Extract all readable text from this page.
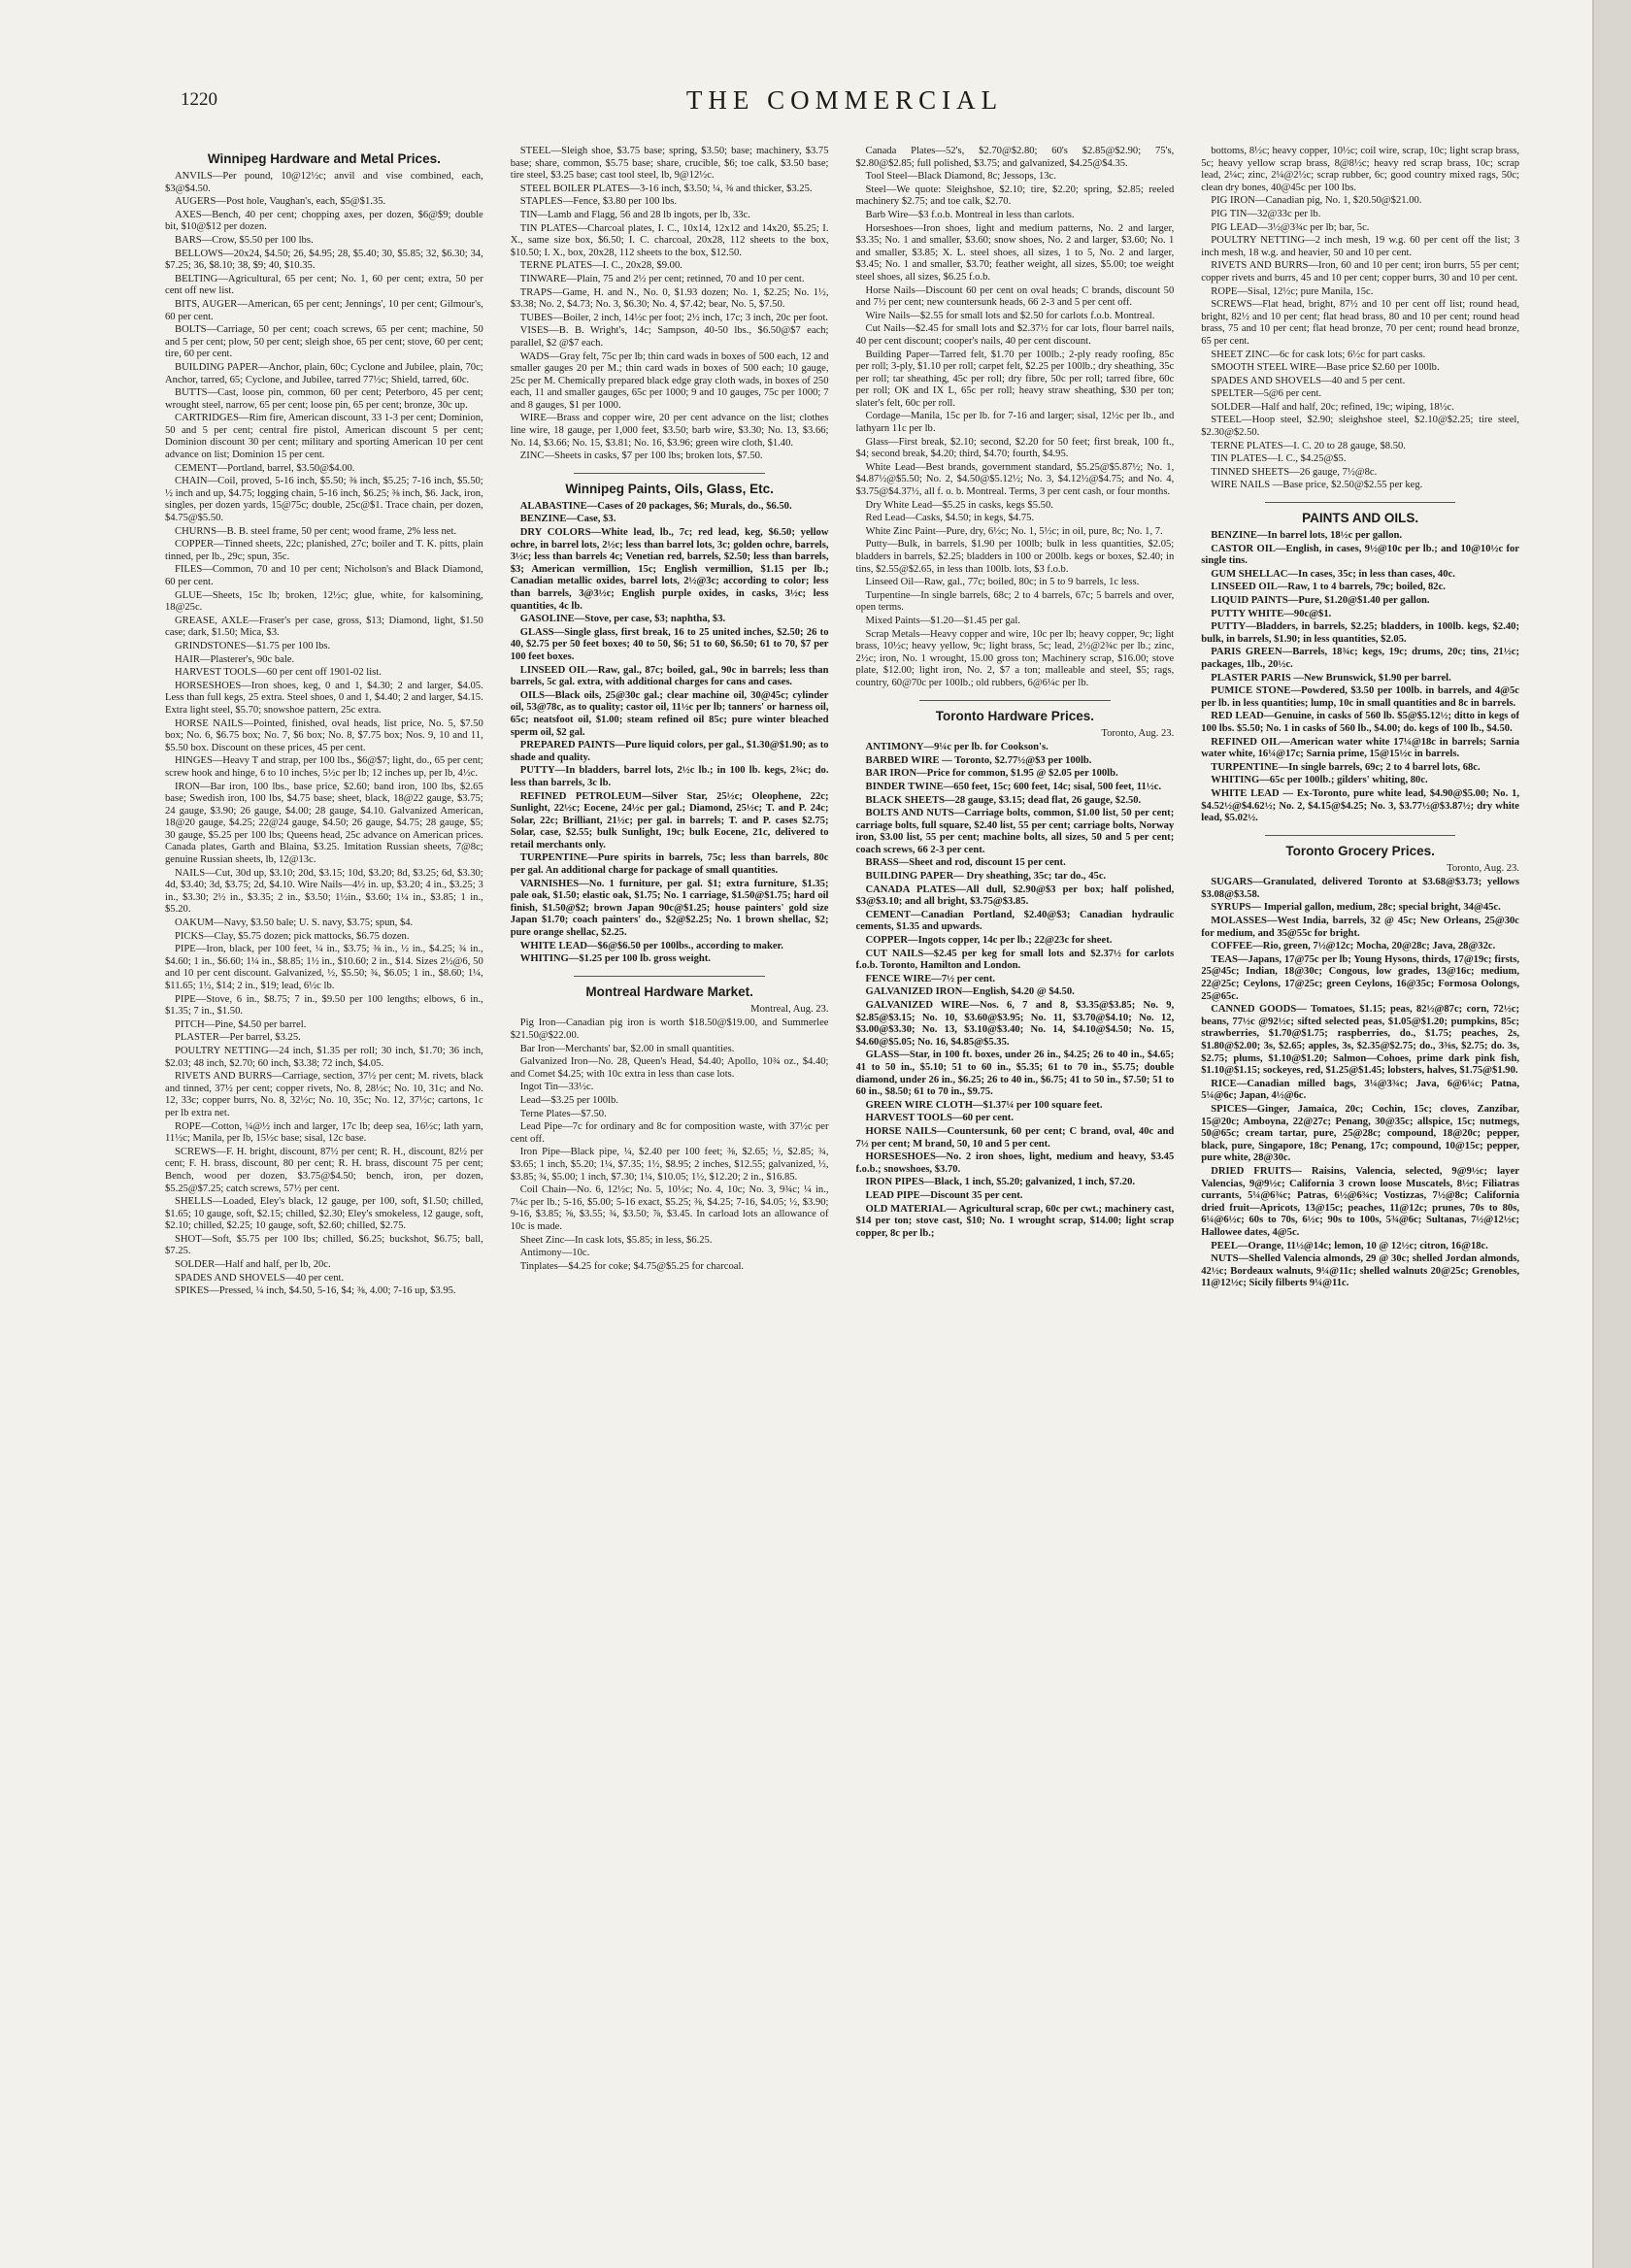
1220	THE COMMERCIAL
Winnipeg Hardware and Metal Prices.
ANVILS—Per pound, 10@12½c; anvil and vise combined, each, $3@$4.50.
AUGERS—Post hole, Vaughan's, each, $5@$1.35.
AXES—Bench, 40 per cent; chopping axes, per dozen, $6@$9; double bit, $10@$12 per dozen.
BARS—Crow, $5.50 per 100 lbs.
BELLOWS—20x24, $4.50; 26, $4.95; 28, $5.40; 30, $5.85; 32, $6.30; 34, $7.25; 36, $8.10; 38, $9; 40, $10.35.
BELTING—Agricultural, 65 per cent; No. 1, 60 per cent; extra, 50 per cent off new list.
BITS, AUGER—American, 65 per cent; Jennings', 10 per cent; Gilmour's, 60 per cent.
BOLTS—Carriage, 50 per cent; coach screws, 65 per cent; machine, 50 and 5 per cent; plow, 50 per cent; sleigh shoe, 65 per cent; stove, 60 per cent; tire, 60 per cent.
BUILDING PAPER—Anchor, plain, 60c; Cyclone and Jubilee, plain, 70c; Anchor, tarred, 65; Cyclone, and Jubilee, tarred 77½c; Shield, tarred, 60c.
BUTTS—Cast, loose pin, common, 60 per cent; Peterboro, 45 per cent; wrought steel, narrow, 65 per cent; loose pin, 65 per cent; bronze, 30c up.
CARTRIDGES—Rim fire, American discount, 33 1-3 per cent; Dominion, 50 and 5 per cent; central fire pistol, American discount 5 per cent; Dominion discount 30 per cent; military and sporting American 10 per cent advance on list; Dominion 15 per cent.
CEMENT—Portland, barrel, $3.50@$4.00.
CHAIN—Coil, proved, 5-16 inch, $5.50; ⅜ inch, $5.25; 7-16 inch, $5.50; ½ inch and up, $4.75; logging chain, 5-16 inch, $6.25; ⅜ inch, $6. Jack, iron, singles, per dozen yards, 15@75c; double, 25c@$1. Trace chain, per dozen, $4.75@$5.50.
CHURNS—B. B. steel frame, 50 per cent; wood frame, 2% less net.
COPPER—Tinned sheets, 22c; planished, 27c; boiler and T. K. pitts, plain tinned, per lb., 29c; spun, 35c.
FILES—Common, 70 and 10 per cent; Nicholson's and Black Diamond, 60 per cent.
GLUE—Sheets, 15c lb; broken, 12½c; glue, white, for kalsomining, 18@25c.
GREASE, AXLE—Fraser's per case, gross, $13; Diamond, light, $1.50 case; dark, $1.50; Mica, $3.
GRINDSTONES—$1.75 per 100 lbs.
HAIR—Plasterer's, 90c bale.
HARVEST TOOLS—60 per cent off 1901-02 list.
HORSESHOES—Iron shoes, keg, 0 and 1, $4.30; 2 and larger, $4.05. Less than full kegs, 25 extra. Steel shoes, 0 and 1, $4.40; 2 and larger, $4.15. Extra light steel, $5.70; snowshoe pattern, 25c extra.
HORSE NAILS—Pointed, finished, oval heads, list price, No. 5, $7.50 box; No. 6, $6.75 box; No. 7, $6 box; No. 8, $7.75 box; Nos. 9, 10 and 11, $5.50 box. Discount on these prices, 45 per cent.
HINGES—Heavy T and strap, per 100 lbs., $6@$7; light, do., 65 per cent; screw hook and hinge, 6 to 10 inches, 5½c per lb; 12 inches up, per lb, 4½c.
IRON—Bar iron, 100 lbs., base price, $2.60; band iron, 100 lbs, $2.65 base; Swedish iron, 100 lbs, $4.75 base; sheet, black, 18@22 gauge, $3.75; 24 gauge, $3.90; 26 gauge, $4.00; 28 gauge, $4.10. Galvanized American, 18@20 gauge, $4.25; 22@24 gauge, $4.50; 26 gauge, $4.75; 28 gauge, $5; 30 gauge, $5.25 per 100 lbs; Queens head, 25c advance on American prices. Canada plates, Garth and Blaina, $3.25. Imitation Russian sheets, 7@8c; genuine Russian sheets, lb, 12@13c.
NAILS—Cut, 30d up, $3.10; 20d, $3.15; 10d, $3.20; 8d, $3.25; 6d, $3.30; 4d, $3.40; 3d, $3.75; 2d, $4.10. Wire Nails—4½ in. up, $3.20; 4 in., $3.25; 3 in., $3.30; 2½ in., $3.35; 2 in., $3.50; 1½in., $3.60; 1¼ in., $3.85; 1 in., $5.20.
OAKUM—Navy, $3.50 bale; U. S. navy, $3.75; spun, $4.
PICKS—Clay, $5.75 dozen; pick mattocks, $6.75 dozen.
PIPE—Iron, black, per 100 feet, ¼ in., $3.75; ⅜ in., ½ in., $4.25; ¾ in., $4.60; 1 in., $6.60; 1¼ in., $8.85; 1½ in., $10.60; 2 in., $14. Sizes 2½@6, 50 and 10 per cent discount. Galvanized, ½, $5.50; ¾, $6.05; 1 in., $8.60; 1¼, $11.65; 1½, $14; 2 in., $19; lead, 6½c lb.
PIPE—Stove, 6 in., $8.75; 7 in., $9.50 per 100 lengths; elbows, 6 in., $1.35; 7 in., $1.50.
PITCH—Pine, $4.50 per barrel.
PLASTER—Per barrel, $3.25.
POULTRY NETTING—24 inch, $1.35 per roll; 30 inch, $1.70; 36 inch, $2.03; 48 inch, $2.70; 60 inch, $3.38; 72 inch, $4.05.
RIVETS AND BURRS—Carriage, section, 37½ per cent; M. rivets, black and tinned, 37½ per cent; copper rivets, No. 8, 28½c; No. 10, 31c; and No. 12, 33c; copper burrs, No. 8, 32½c; No. 10, 35c; No. 12, 37½c; cartons, 1c per lb extra net.
ROPE—Cotton, ¼@½ inch and larger, 17c lb; deep sea, 16½c; lath yarn, 11½c; Manila, per lb, 15½c base; sisal, 12c base.
SCREWS—F. H. bright, discount, 87½ per cent; R. H., discount, 82½ per cent; F. H. brass, discount, 80 per cent; R. H. brass, discount 75 per cent; Bench, wood per dozen, $3.75@$4.50; bench, iron, per dozen, $5.25@$7.25; catch screws, 57½ per cent.
SHELLS—Loaded, Eley's black, 12 gauge, per 100, soft, $1.50; chilled, $1.65; 10 gauge, soft, $2.15; chilled, $2.30; Eley's smokeless, 12 gauge, soft, $2.10; chilled, $2.25; 10 gauge, soft, $2.60; chilled, $2.75.
SHOT—Soft, $5.75 per 100 lbs; chilled, $6.25; buckshot, $6.75; ball, $7.25.
SOLDER—Half and half, per lb, 20c.
SPADES AND SHOVELS—40 per cent.
SPIKES—Pressed, ¼ inch, $4.50, 5-16, $4; ⅜, 4.00; 7-16 up, $3.95.
STEEL—Sleigh shoe, $3.75 base; spring, $3.50; base; machinery, $3.75 base; share, common, $5.75 base; share, crucible, $6; toe calk, $3.50 base; tire steel, $3.25 base; cast tool steel, lb, 9@12½c.
STEEL BOILER PLATES—3-16 inch, $3.50; ¼, ⅜ and thicker, $3.25.
STAPLES—Fence, $3.80 per 100 lbs.
TIN—Lamb and Flagg, 56 and 28 lb ingots, per lb, 33c.
TIN PLATES—Charcoal plates, I. C., 10x14, 12x12 and 14x20, $5.25; I. X., same size box, $6.50; I. C. charcoal, 20x28, 112 sheets to the box, $10.50; I. X., box, 20x28, 112 sheets to the box, $12.50.
TERNE PLATES—I. C., 20x28, $9.00.
TINWARE—Plain, 75 and 2½ per cent; retinned, 70 and 10 per cent.
TRAPS—Game, H. and N., No. 0, $1.93 dozen; No. 1, $2.25; No. 1½, $3.38; No. 2, $4.73; No. 3, $6.30; No. 4, $7.42; bear, No. 5, $7.50.
TUBES—Boiler, 2 inch, 14½c per foot; 2½ inch, 17c; 3 inch, 20c per foot.
VISES—B. B. Wright's, 14c; Sampson, 40-50 lbs., $6.50@$7 each; parallel, $2 @$7 each.
WADS—Gray felt, 75c per lb; thin card wads in boxes of 500 each, 12 and smaller gauges 20 per M.; thin card wads in boxes of 500 each; 10 gauge, 25c per M. Chemically prepared black edge gray cloth wads, in boxes of 250 each, 11 and smaller gauges, 65c per 1000; 9 and 10 gauges, 75c per 1000; 7 and 8 gauges, $1 per 1000.
WIRE—Brass and copper wire, 20 per cent advance on the list; clothes line wire, 18 gauge, per 1,000 feet, $3.50; barb wire, $3.30; No. 13, $3.66; No. 14, $3.66; No. 15, $3.81; No. 16, $3.96; green wire cloth, $1.40.
ZINC—Sheets in casks, $7 per 100 lbs; broken lots, $7.50.
Winnipeg Paints, Oils, Glass, Etc.
ALABASTINE—Cases of 20 packages, $6; Murals, do., $6.50.
BENZINE—Case, $3.
DRY COLORS—White lead, lb., 7c; red lead, keg, $6.50; yellow ochre, in barrel lots, 2½c; less than barrel lots, 3c; golden ochre, barrels, 3½c; less than barrels 4c; Venetian red, barrels, $2.50; less than barrels, $3; American vermillion, 15c; English vermillion, $1.15 per lb.; Canadian metallic oxides, barrel lots, 2½@3c; according to color; less than barrels, 3@3½c; English purple oxides, in casks, 3½c; less quantities, 4c lb.
GASOLINE—Stove, per case, $3; naphtha, $3.
GLASS—Single glass, first break, 16 to 25 united inches, $2.50; 26 to 40, $2.75 per 50 feet boxes; 40 to 50, $6; 51 to 60, $6.50; 61 to 70, $7 per 100 feet boxes.
LINSEED OIL—Raw, gal., 87c; boiled, gal., 90c in barrels; less than barrels, 5c gal. extra, with additional charges for cans and cases.
OILS—Black oils, 25@30c gal.; clear machine oil, 30@45c; cylinder oil, 53@78c, as to quality; castor oil, 11½c per lb; tanners' or harness oil, 65c; neatsfoot oil, $1.00; steam refined oil 85c; pure winter bleached sperm oil, $2 gal.
PREPARED PAINTS—Pure liquid colors, per gal., $1.30@$1.90; as to shade and quality.
PUTTY—In bladders, barrel lots, 2½c lb.; in 100 lb. kegs, 2¾c; do. less than barrels, 3c lb.
REFINED PETROLEUM—Silver Star, 25½c; Oleophene, 22c; Sunlight, 22½c; Eocene, 24½c per gal.; Diamond, 25½c; T. and P. 24c; Solar, 22c; Brilliant, 21½c; per gal. in barrels; T. and P. cases $2.75; Solar, case, $2.55; bulk Sunlight, 19c; bulk Eocene, 21c, delivered to retail merchants only.
TURPENTINE—Pure spirits in barrels, 75c; less than barrels, 80c per gal. An additional charge for package of small quantities.
VARNISHES—No. 1 furniture, per gal. $1; extra furniture, $1.35; pale oak, $1.50; elastic oak, $1.75; No. 1 carriage, $1.50@$1.75; hard oil finish, $1.50@$2; brown Japan 90c@$1.25; house painters' gold size Japan $1.70; coach painters' do., $2@$2.25; No. 1 brown shellac, $2; pure orange shellac, $2.25.
WHITE LEAD—$6@$6.50 per 100lbs., according to maker.
WHITING—$1.25 per 100 lb. gross weight.
Montreal Hardware Market.
Montreal, Aug. 23.
Pig Iron—Canadian pig iron is worth $18.50@$19.00, and Summerlee $21.50@$22.00.
Bar Iron—Merchants' bar, $2.00 in small quantities.
Galvanized Iron—No. 28, Queen's Head, $4.40; Apollo, 10¾ oz., $4.40; and Comet $4.25; with 10c extra in less than case lots.
Ingot Tin—33½c.
Lead—$3.25 per 100lb.
Terne Plates—$7.50.
Lead Pipe—7c for ordinary and 8c for composition waste, with 37½c per cent off.
Iron Pipe—Black pipe, ¼, $2.40 per 100 feet; ⅜, $2.65; ½, $2.85; ¾, $3.65; 1 inch, $5.20; 1¼, $7.35; 1½, $8.95; 2 inches, $12.55; galvanized, ½, $3.85; ¾, $5.00; 1 inch, $7.30; 1¼, $10.05; 1½, $12.20; 2 in., $16.85.
Coil Chain—No. 6, 12½c; No. 5, 10½c; No. 4, 10c; No. 3, 9¾c; ¼ in., 7¼c per lb.; 5-16, $5.00; 5-16 exact, $5.25; ⅜, $4.25; 7-16, $4.05; ½, $3.90; 9-16, $3.85; ⅝, $3.55; ¾, $3.50; ⅞, $3.45. In carload lots an allowance of 10c is made.
Sheet Zinc—In cask lots, $5.85; in less, $6.25.
Antimony—10c.
Tinplates—$4.25 for coke; $4.75@$5.25 for charcoal.
Canada Plates—52's, $2.70@$2.80; 60's $2.85@$2.90; 75's, $2.80@$2.85; full polished, $3.75; and galvanized, $4.25@$4.35.
Tool Steel—Black Diamond, 8c; Jessops, 13c.
Steel—We quote: Sleighshoe, $2.10; tire, $2.20; spring, $2.85; reeled machinery $2.75; and toe calk, $2.70.
Barb Wire—$3 f.o.b. Montreal in less than carlots.
Horseshoes—Iron shoes, light and medium patterns, No. 2 and larger, $3.35; No. 1 and smaller, $3.60; snow shoes, No. 2 and larger, $3.60; No. 1 and smaller, $3.85; X. L. steel shoes, all sizes, 1 to 5, No. 2 and larger, $3.45; No. 1 and smaller, $3.70; feather weight, all sizes, $5.00; toe weight steel shoes, all sizes, $6.25 f.o.b.
Horse Nails—Discount 60 per cent on oval heads; C brands, discount 50 and 7½ per cent; new countersunk heads, 66 2-3 and 5 per cent off.
Wire Nails—$2.55 for small lots and $2.50 for carlots f.o.b. Montreal.
Cut Nails—$2.45 for small lots and $2.37½ for car lots, flour barrel nails, 40 per cent discount; cooper's nails, 40 per cent discount.
Building Paper—Tarred felt, $1.70 per 100lb.; 2-ply ready roofing, 85c per roll; 3-ply, $1.10 per roll; carpet felt, $2.25 per 100lb.; dry sheathing, 35c per roll; tar sheathing, 45c per roll; dry fibre, 50c per roll; tarred fibre, 60c per roll; OK and IX L, 65c per roll; heavy straw sheathing, $30 per ton; slater's felt, 60c per roll.
Cordage—Manila, 15c per lb. for 7-16 and larger; sisal, 12½c per lb., and lathyarn 11c per lb.
Glass—First break, $2.10; second, $2.20 for 50 feet; first break, 100 ft., $4; second break, $4.20; third, $4.70; fourth, $4.95.
White Lead—Best brands, government standard, $5.25@$5.87½; No. 1, $4.87½@$5.50; No. 2, $4.50@$5.12½; No. 3, $4.12½@$4.75; and No. 4, $3.75@$4.37½, all f. o. b. Montreal. Terms, 3 per cent cash, or four months.
Dry White Lead—$5.25 in casks, kegs $5.50.
Red Lead—Casks, $4.50; in kegs, $4.75.
White Zinc Paint—Pure, dry, 6½c; No. 1, 5½c; in oil, pure, 8c; No. 1, 7.
Putty—Bulk, in barrels, $1.90 per 100lb; bulk in less quantities, $2.05; bladders in barrels, $2.25; bladders in 100 or 200lb. kegs or boxes, $2.40; in tins, $2.55@$2.65, in less than 100lb. lots, $3 f.o.b.
Linseed Oil—Raw, gal., 77c; boiled, 80c; in 5 to 9 barrels, 1c less.
Turpentine—In single barrels, 68c; 2 to 4 barrels, 67c; 5 barrels and over, open terms.
Mixed Paints—$1.20—$1.45 per gal.
Scrap Metals—Heavy copper and wire, 10c per lb; heavy copper, 9c; light brass, 10½c; heavy yellow, 9c; light brass, 5c; lead, 2½@2¾c per lb.; zinc, 2½c; iron, No. 1 wrought, 15.00 gross ton; Machinery scrap, $16.00; stove plate, $12.00; light iron, No. 2, $7 a ton; malleable and steel, $5; rags, country, 60@70c per 100lb.; old rubbers, 6@6¼c per lb.
Toronto Hardware Prices.
Toronto, Aug. 23.
ANTIMONY—9¼c per lb. for Cookson's.
BARBED WIRE — Toronto, $2.77½@$3 per 100lb.
BAR IRON—Price for common, $1.95 @ $2.05 per 100lb.
BINDER TWINE—650 feet, 15c; 600 feet, 14c; sisal, 500 feet, 11½c.
BLACK SHEETS—28 gauge, $3.15; dead flat, 26 gauge, $2.50.
BOLTS AND NUTS—Carriage bolts, common, $1.00 list, 50 per cent; carriage bolts, full square, $2.40 list, 55 per cent; carriage bolts, Norway iron, $3.00 list, 55 per cent; machine bolts, all sizes, 50 and 5 per cent; coach screws, 66 2-3 per cent.
BRASS—Sheet and rod, discount 15 per cent.
BUILDING PAPER— Dry sheathing, 35c; tar do., 45c.
CANADA PLATES—All dull, $2.90@$3 per box; half polished, $3@$3.10; and all bright, $3.75@$3.85.
CEMENT—Canadian Portland, $2.40@$3; Canadian hydraulic cements, $1.35 and upwards.
COPPER—Ingots copper, 14c per lb.; 22@23c for sheet.
CUT NAILS—$2.45 per keg for small lots and $2.37½ for carlots f.o.b. Toronto, Hamilton and London.
FENCE WIRE—7½ per cent.
GALVANIZED IRON—English, $4.20 @ $4.50.
GALVANIZED WIRE—Nos. 6, 7 and 8, $3.35@$3.85; No. 9, $2.85@$3.15; No. 10, $3.60@$3.95; No. 11, $3.70@$4.10; No. 12, $3.00@$3.30; No. 13, $3.10@$3.40; No. 14, $4.10@$4.50; No. 15, $4.60@$5.05; No. 16, $4.85@$5.35.
GLASS—Star, in 100 ft. boxes, under 26 in., $4.25; 26 to 40 in., $4.65; 41 to 50 in., $5.10; 51 to 60 in., $5.35; 61 to 70 in., $5.75; double diamond, under 26 in., $6.25; 26 to 40 in., $6.75; 41 to 50 in., $7.50; 51 to 60 in., $8.50; 61 to 70 in., $9.75.
GREEN WIRE CLOTH—$1.37¼ per 100 square feet.
HARVEST TOOLS—60 per cent.
HORSE NAILS—Countersunk, 60 per cent; C brand, oval, 40c and 7½ per cent; M brand, 50, 10 and 5 per cent.
HORSESHOES—No. 2 iron shoes, light, medium and heavy, $3.45 f.o.b.; snowshoes, $3.70.
IRON PIPES—Black, 1 inch, $5.20; galvanized, 1 inch, $7.20.
LEAD PIPE—Discount 35 per cent.
OLD MATERIAL— Agricultural scrap, 60c per cwt.; machinery cast, $14 per ton; stove cast, $10; No. 1 wrought scrap, $14.00; light scrap copper, 8c per lb.;
bottoms, 8½c; heavy copper, 10½c; coil wire, scrap, 10c; light scrap brass, 5c; heavy yellow scrap brass, 8@8½c; heavy red scrap brass, 10c; scrap lead, 2¼c; zinc, 2¼@2½c; scrap rubber, 6c; good country mixed rags, 50c; clean dry bones, 40@45c per 100 lbs.
PIG IRON—Canadian pig, No. 1, $20.50@$21.00.
PIG TIN—32@33c per lb.
PIG LEAD—3½@3¾c per lb; bar, 5c.
POULTRY NETTING—2 inch mesh, 19 w.g. 60 per cent off the list; 3 inch mesh, 18 w.g. and heavier, 50 and 10 per cent.
RIVETS AND BURRS—Iron, 60 and 10 per cent; iron burrs, 55 per cent; copper rivets and burrs, 45 and 10 per cent; copper burrs, 30 and 10 per cent.
ROPE—Sisal, 12½c; pure Manila, 15c.
SCREWS—Flat head, bright, 87½ and 10 per cent off list; round head, bright, 82½ and 10 per cent; flat head brass, 80 and 10 per cent; round head brass, 75 and 10 per cent; flat head bronze, 70 per cent; round head bronze, 65 per cent.
SHEET ZINC—6c for cask lots; 6½c for part casks.
SMOOTH STEEL WIRE—Base price $2.60 per 100lb.
SPADES AND SHOVELS—40 and 5 per cent.
SPELTER—5@6 per cent.
SOLDER—Half and half, 20c; refined, 19c; wiping, 18½c.
STEEL—Hoop steel, $2.90; sleighshoe steel, $2.10@$2.25; tire steel, $2.30@$2.50.
TERNE PLATES—I. C. 20 to 28 gauge, $8.50.
TIN PLATES—I. C., $4.25@$5.
TINNED SHEETS—26 gauge, 7½@8c.
WIRE NAILS —Base price, $2.50@$2.55 per keg.
PAINTS AND OILS.
BENZINE—In barrel lots, 18½c per gallon.
CASTOR OIL—English, in cases, 9½@10c per lb.; and 10@10½c for single tins.
GUM SHELLAC—In cases, 35c; in less than cases, 40c.
LINSEED OIL—Raw, 1 to 4 barrels, 79c; boiled, 82c.
LIQUID PAINTS—Pure, $1.20@$1.40 per gallon.
PUTTY WHITE—90c@$1.
PUTTY—Bladders, in barrels, $2.25; bladders, in 100lb. kegs, $2.40; bulk, in barrels, $1.90; in less quantities, $2.05.
PARIS GREEN—Barrels, 18¾c; kegs, 19c; drums, 20c; tins, 21½c; packages, 1lb., 20½c.
PLASTER PARIS —New Brunswick, $1.90 per barrel.
PUMICE STONE—Powdered, $3.50 per 100lb. in barrels, and 4@5c per lb. in less quantities; lump, 10c in small quantities and 8c in barrels.
RED LEAD—Genuine, in casks of 560 lb. $5@$5.12½; ditto in kegs of 100 lbs. $5.50; No. 1 in casks of 560 lb., $4.00; do. kegs of 100 lb., $4.50.
REFINED OIL—American water white 17¼@18c in barrels; Sarnia water white, 16¼@17c; Sarnia prime, 15@15½c in barrels.
TURPENTINE—In single barrels, 69c; 2 to 4 barrel lots, 68c.
WHITING—65c per 100lb.; gilders' whiting, 80c.
WHITE LEAD — Ex-Toronto, pure white lead, $4.90@$5.00; No. 1, $4.52½@$4.62½; No. 2, $4.15@$4.25; No. 3, $3.77½@$3.87½; dry white lead, $5.02½.
Toronto Grocery Prices.
Toronto, Aug. 23.
SUGARS—Granulated, delivered Toronto at $3.68@$3.73; yellows $3.08@$3.58.
SYRUPS— Imperial gallon, medium, 28c; special bright, 34@45c.
MOLASSES—West India, barrels, 32 @ 45c; New Orleans, 25@30c for medium, and 35@55c for bright.
COFFEE—Rio, green, 7½@12c; Mocha, 20@28c; Java, 28@32c.
TEAS—Japans, 17@75c per lb; Young Hysons, thirds, 17@19c; firsts, 25@45c; Indian, 18@30c; Congous, low grades, 13@16c; medium, 22@25c; Ceylons, 17@25c; green Ceylons, 16@35c; Formosa Oolongs, 25@65c.
CANNED GOODS— Tomatoes, $1.15; peas, 82½@87c; corn, 72½c; beans, 77½c @92½c; sifted selected peas, $1.05@$1.20; pumpkins, 85c; strawberries, $1.70@$1.75; raspberries, do., $1.75; peaches, 2s, $1.80@$2.00; 3s, $2.65; apples, 3s, $2.35@$2.75; do., 3⅜s, $2.75; do. 3s, $2.75; plums, $1.10@$1.20; Salmon—Cohoes, prime dark pink fish, $1.10@$1.15; sockeyes, red, $1.25@$1.45; lobsters, halves, $1.75@$1.90.
RICE—Canadian milled bags, 3¼@3¾c; Java, 6@6¼c; Patna, 5¼@6c; Japan, 4½@6c.
SPICES—Ginger, Jamaica, 20c; Cochin, 15c; cloves, Zanzibar, 15@20c; Amboyna, 22@27c; Penang, 30@35c; allspice, 15c; nutmegs, 50@65c; cream tartar, pure, 25@28c; compound, 18@20c; pepper, black, pure, Singapore, 18c; Penang, 17c; compound, 10@15c; pepper, pure white, 28@30c.
DRIED FRUITS— Raisins, Valencia, selected, 9@9½c; layer Valencias, 9@9½c; California 3 crown loose Muscatels, 8½c; Filiatras currants, 5¼@6¾c; Patras, 6½@6¾c; Vostizzas, 7½@8c; California dried fruit—Apricots, 13@15c; peaches, 11@12c; prunes, 70s to 80s, 6¼@6½c; 60s to 70s, 6½c; 90s to 100s, 5¾@6c; Sultanas, 7½@12½c; Hallowee dates, 4@5c.
PEEL—Orange, 11½@14c; lemon, 10 @ 12½c; citron, 16@18c.
NUTS—Shelled Valencia almonds, 29 @ 30c; shelled Jordan almonds, 42½c; Bordeaux walnuts, 9¼@11c; shelled walnuts 20@25c; Grenobles, 11@12½c; Sicily filberts 9¼@11c.
